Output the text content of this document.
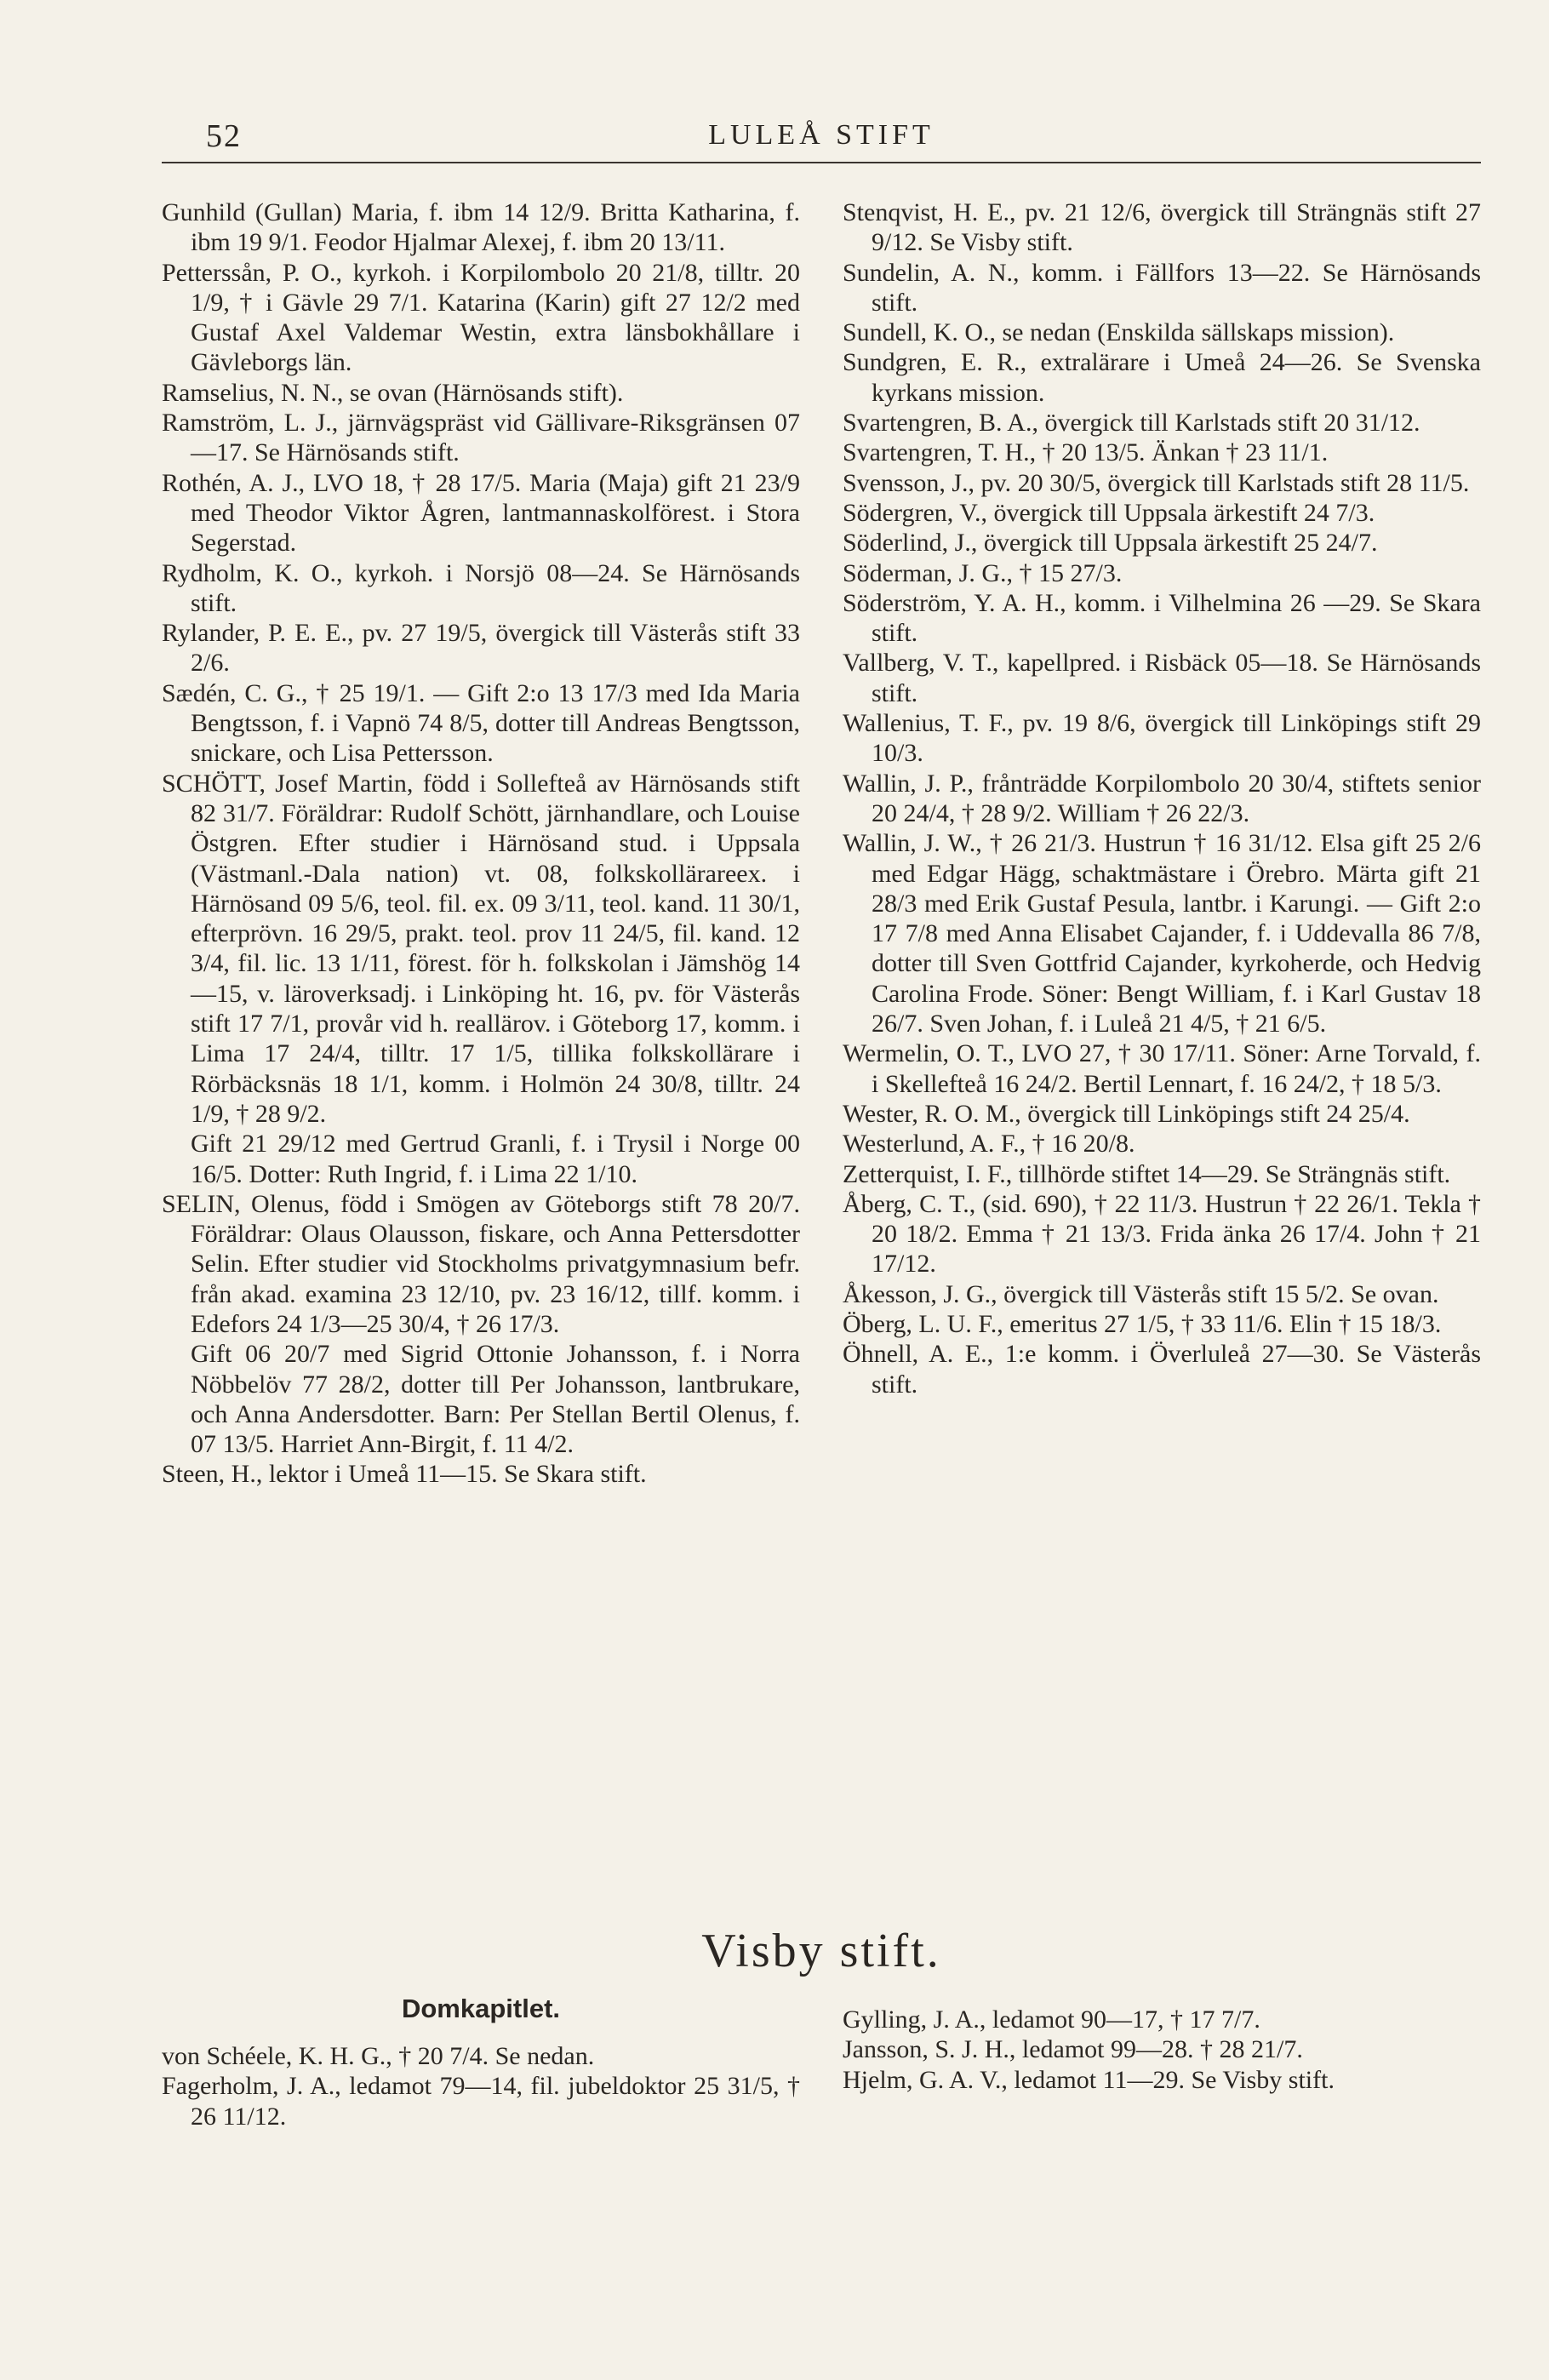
52	LULEÅ STIFT

Gunhild (Gullan) Maria, f. ibm 14 12/9. Britta Katharina, f. ibm 19 9/1. Feodor Hjalmar Alexej, f. ibm 20 13/11.

Petterssån, P. O., kyrkoh. i Korpilombolo 20 21/8, tilltr. 20 1/9, † i Gävle 29 7/1. Katarina (Karin) gift 27 12/2 med Gustaf Axel Valdemar Westin, extra länsbokhållare i Gävleborgs län.

Ramselius, N. N., se ovan (Härnösands stift).

Ramström, L. J., järnvägspräst vid Gällivare-Riksgränsen 07—17. Se Härnösands stift.

Rothén, A. J., LVO 18, † 28 17/5. Maria (Maja) gift 21 23/9 med Theodor Viktor Ågren, lantmannaskolförest. i Stora Segerstad.

Rydholm, K. O., kyrkoh. i Norsjö 08—24. Se Härnösands stift.

Rylander, P. E. E., pv. 27 19/5, övergick till Västerås stift 33 2/6.

Sædén, C. G., † 25 19/1. — Gift 2:o 13 17/3 med Ida Maria Bengtsson, f. i Vapnö 74 8/5, dotter till Andreas Bengtsson, snickare, och Lisa Pettersson.

SCHÖTT, Josef Martin, född i Sollefteå av Härnösands stift 82 31/7. Föräldrar: Rudolf Schött, järnhandlare, och Louise Östgren. Efter studier i Härnösand stud. i Uppsala (Västmanl.-Dala nation) vt. 08, folkskollärareex. i Härnösand 09 5/6, teol. fil. ex. 09 3/11, teol. kand. 11 30/1, efterprövn. 16 29/5, prakt. teol. prov 11 24/5, fil. kand. 12 3/4, fil. lic. 13 1/11, förest. för h. folkskolan i Jämshög 14—15, v. läroverksadj. i Linköping ht. 16, pv. för Västerås stift 17 7/1, provår vid h. reallärov. i Göteborg 17, komm. i Lima 17 24/4, tilltr. 17 1/5, tillika folkskollärare i Rörbäcksnäs 18 1/1, komm. i Holmön 24 30/8, tilltr. 24 1/9, † 28 9/2.

Gift 21 29/12 med Gertrud Granli, f. i Trysil i Norge 00 16/5. Dotter: Ruth Ingrid, f. i Lima 22 1/10.

SELIN, Olenus, född i Smögen av Göteborgs stift 78 20/7. Föräldrar: Olaus Olausson, fiskare, och Anna Pettersdotter Selin. Efter studier vid Stockholms privatgymnasium befr. från akad. examina 23 12/10, pv. 23 16/12, tillf. komm. i Edefors 24 1/3—25 30/4, † 26 17/3.

Gift 06 20/7 med Sigrid Ottonie Johansson, f. i Norra Nöbbelöv 77 28/2, dotter till Per Johansson, lantbrukare, och Anna Andersdotter. Barn: Per Stellan Bertil Olenus, f. 07 13/5. Harriet Ann-Birgit, f. 11 4/2.

Steen, H., lektor i Umeå 11—15. Se Skara stift.

Stenqvist, H. E., pv. 21 12/6, övergick till Strängnäs stift 27 9/12. Se Visby stift.

Sundelin, A. N., komm. i Fällfors 13—22. Se Härnösands stift.

Sundell, K. O., se nedan (Enskilda sällskaps mission).

Sundgren, E. R., extralärare i Umeå 24—26. Se Svenska kyrkans mission.

Svartengren, B. A., övergick till Karlstads stift 20 31/12.

Svartengren, T. H., † 20 13/5. Änkan † 23 11/1.

Svensson, J., pv. 20 30/5, övergick till Karlstads stift 28 11/5.

Södergren, V., övergick till Uppsala ärkestift 24 7/3.

Söderlind, J., övergick till Uppsala ärkestift 25 24/7.

Söderman, J. G., † 15 27/3.

Söderström, Y. A. H., komm. i Vilhelmina 26 —29. Se Skara stift.

Vallberg, V. T., kapellpred. i Risbäck 05—18. Se Härnösands stift.

Wallenius, T. F., pv. 19 8/6, övergick till Linköpings stift 29 10/3.

Wallin, J. P., frånträdde Korpilombolo 20 30/4, stiftets senior 20 24/4, † 28 9/2. William † 26 22/3.

Wallin, J. W., † 26 21/3. Hustrun † 16 31/12. Elsa gift 25 2/6 med Edgar Hägg, schaktmästare i Örebro. Märta gift 21 28/3 med Erik Gustaf Pesula, lantbr. i Karungi. — Gift 2:o 17 7/8 med Anna Elisabet Cajander, f. i Uddevalla 86 7/8, dotter till Sven Gottfrid Cajander, kyrkoherde, och Hedvig Carolina Frode. Söner: Bengt William, f. i Karl Gustav 18 26/7. Sven Johan, f. i Luleå 21 4/5, † 21 6/5.

Wermelin, O. T., LVO 27, † 30 17/11. Söner: Arne Torvald, f. i Skellefteå 16 24/2. Bertil Lennart, f. 16 24/2, † 18 5/3.

Wester, R. O. M., övergick till Linköpings stift 24 25/4.

Westerlund, A. F., † 16 20/8.

Zetterquist, I. F., tillhörde stiftet 14—29. Se Strängnäs stift.

Åberg, C. T., (sid. 690), † 22 11/3. Hustrun † 22 26/1. Tekla † 20 18/2. Emma † 21 13/3. Frida änka 26 17/4. John † 21 17/12.

Åkesson, J. G., övergick till Västerås stift 15 5/2. Se ovan.

Öberg, L. U. F., emeritus 27 1/5, † 33 11/6. Elin † 15 18/3.

Öhnell, A. E., 1:e komm. i Överluleå 27—30. Se Västerås stift.

Visby stift.
Domkapitlet.

von Schéele, K. H. G., † 20 7/4. Se nedan.

Fagerholm, J. A., ledamot 79—14, fil. jubeldoktor 25 31/5, † 26 11/12.

Gylling, J. A., ledamot 90—17, † 17 7/7.

Jansson, S. J. H., ledamot 99—28. † 28 21/7.

Hjelm, G. A. V., ledamot 11—29. Se Visby stift.
